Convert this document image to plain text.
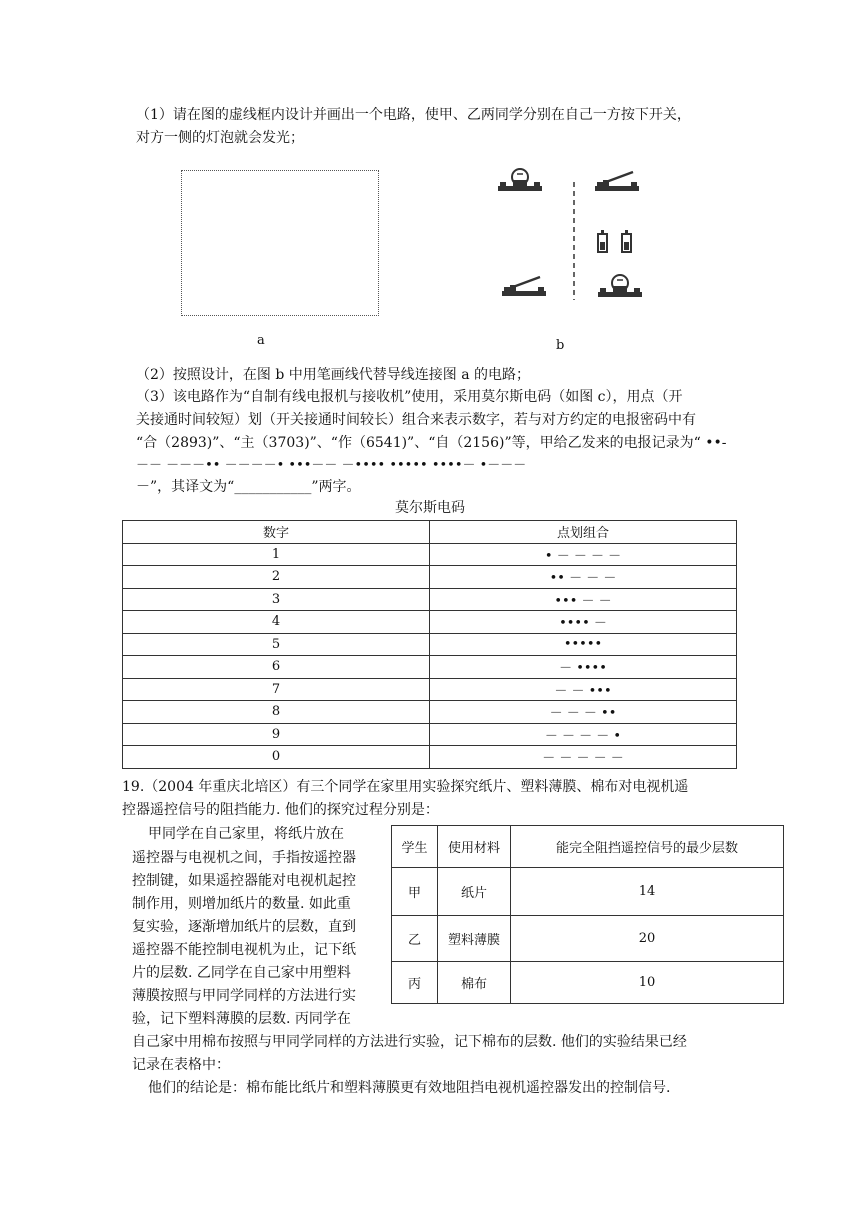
（1）请在图的虚线框内设计并画出一个电路，使甲、乙两同学分别在自己一方按下开关，
对方一侧的灯泡就会发光；
a	b
（2）按照设计，在图 b 中用笔画线代替导线连接图 a 的电路；
（3）该电路作为“自制有线电报机与接收机”使用，采用莫尔斯电码（如图 c），用点（开
关接通时间较短）划（开关接通时间较长）组合来表示数字，若与对方约定的电报密码中有
“合（2893)”、“主（3703)”、“作（6541)”、“自（2156)”等，甲给乙发来的电报记录为“ ••-
－－ －－－•• －－－－• •••－－ －•••• ••••• ••••－ •－－－
－”，其译文为“___________”两字。
莫尔斯电码
数字	点划组合
1	• － － － －
2	•• － － －
3	••• － －
4	•••• －
5	•••••
6	－ ••••
7	－ － •••
8	－ － － ••
9	－ － － － •
0	－ － － － －
19.（2004 年重庆北培区）有三个同学在家里用实验探究纸片、塑料薄膜、棉布对电视机遥
控器遥控信号的阻挡能力. 他们的探究过程分别是：
甲同学在自己家里，将纸片放在
遥控器与电视机之间，手指按遥控器
控制键，如果遥控器能对电视机起控
制作用，则增加纸片的数量. 如此重
复实验，逐渐增加纸片的层数，直到
遥控器不能控制电视机为止，记下纸
片的层数. 乙同学在自己家中用塑料
薄膜按照与甲同学同样的方法进行实
验，记下塑料薄膜的层数. 丙同学在
学生	使用材料	能完全阻挡遥控信号的最少层数
甲	纸片	14
乙	塑料薄膜	20
丙	棉布	10
自己家中用棉布按照与甲同学同样的方法进行实验，记下棉布的层数. 他们的实验结果已经
记录在表格中：
他们的结论是：棉布能比纸片和塑料薄膜更有效地阻挡电视机遥控器发出的控制信号.
